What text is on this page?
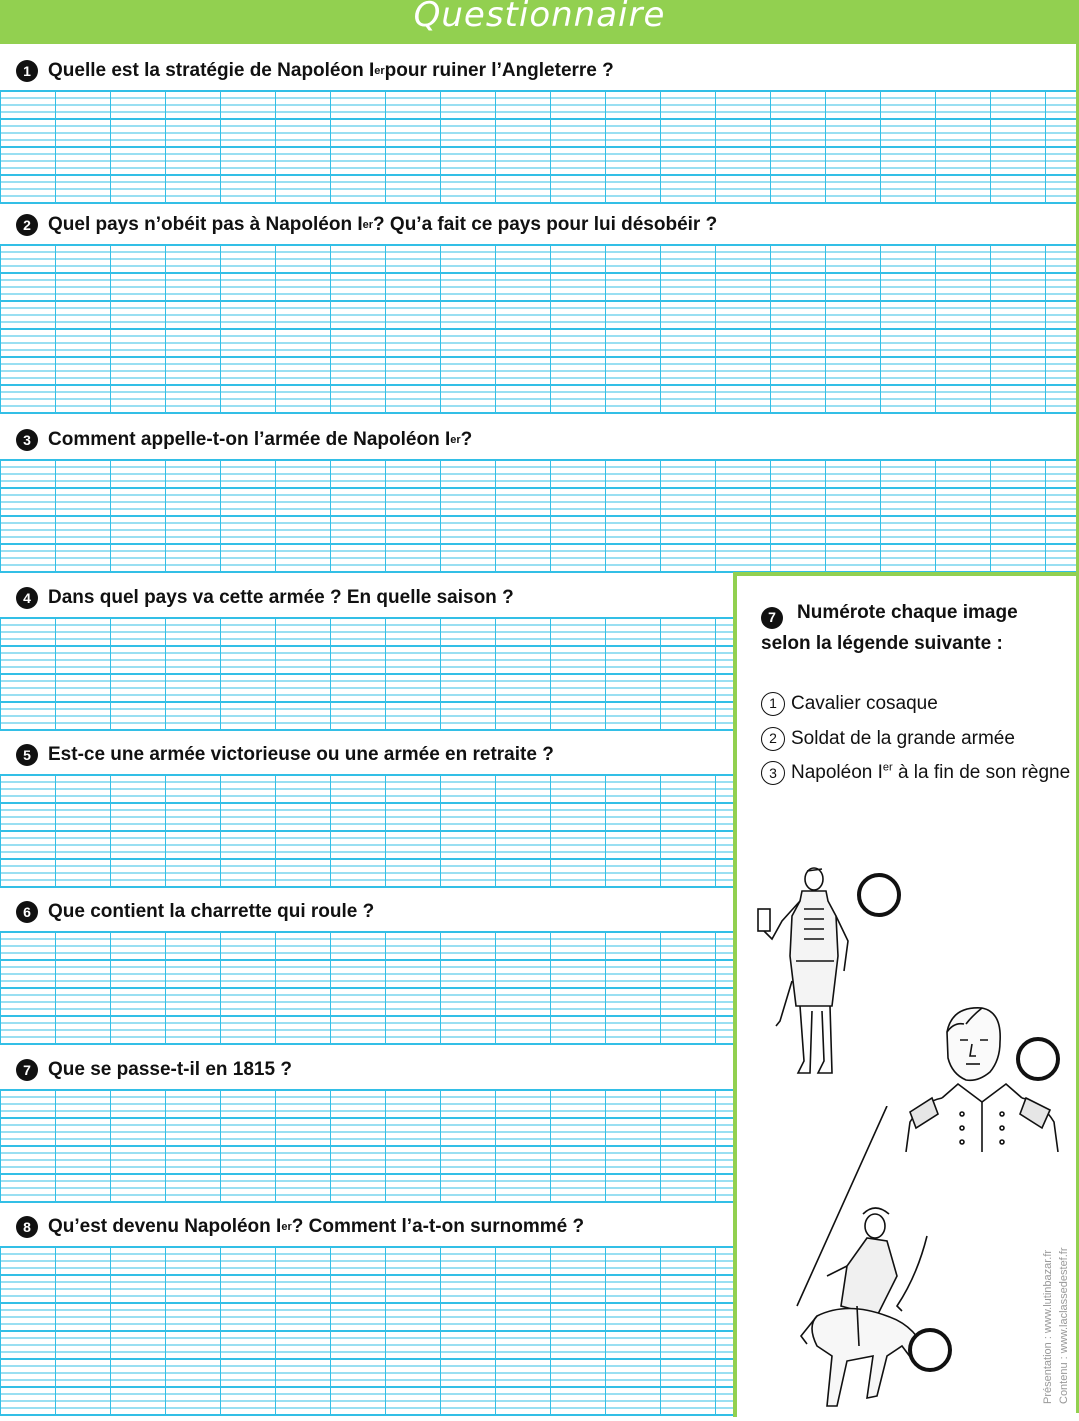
Questionnaire
1 Quelle est la stratégie de Napoléon I er pour ruiner l’Angleterre ?
2 Quel pays n’obéit pas à Napoléon I er ? Qu’a fait ce pays pour lui désobéir ?
3 Comment appelle-t-on l’armée de Napoléon I er ?
4 Dans quel pays va cette armée ? En quelle saison ?
5 Est-ce une armée victorieuse ou une armée en retraite ?
6 Que contient la charrette qui roule ?
7 Que se passe-t-il en 1815 ?
8 Qu’est devenu Napoléon I er ? Comment l’a-t-on surnommé ?
7 Numérote chaque image selon la légende suivante :
1 Cavalier cosaque
2 Soldat de la grande armée
3 Napoléon Ier à la fin de son règne
Présentation : www.lutinbazar.fr Contenu : www.laclassedestef.fr
